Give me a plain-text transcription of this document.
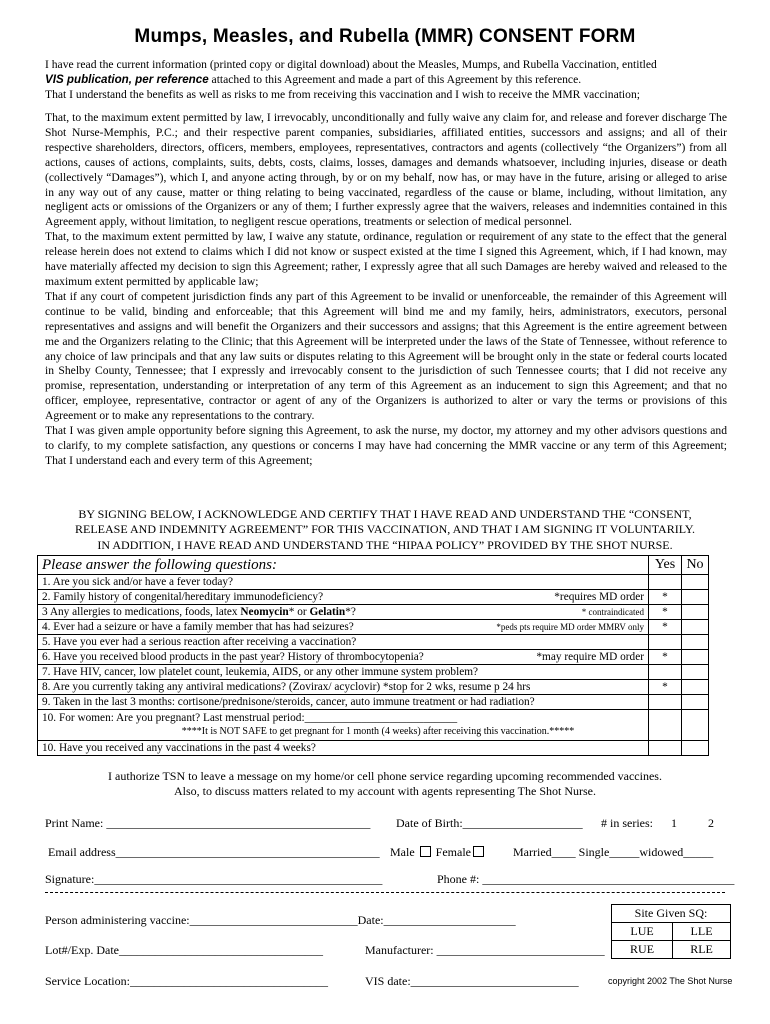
Mumps, Measles, and Rubella (MMR) CONSENT FORM

I have read the current information (printed copy or digital download) about the Measles, Mumps, and Rubella Vaccination, entitled

VIS publication, per reference attached to this Agreement and made a part of this Agreement by this reference.

That I understand the benefits as well as risks to me from receiving this vaccination and I wish to receive the MMR vaccination;

That, to the maximum extent permitted by law, I irrevocably, unconditionally and fully waive any claim for, and release and forever discharge The Shot Nurse-Memphis, P.C.; and their respective parent companies, subsidiaries, affiliated entities, successors and assigns; and all of their respective shareholders, directors, officers, members, employees, representatives, contractors and agents (collectively “the Organizers”) from all actions, causes of actions, complaints, suits, debts, costs, claims, losses, damages and demands whatsoever, including injuries, disease or death (collectively “Damages”), which I, and anyone acting through, by or on my behalf, now has, or may have in the future, arising or alleged to arise in any way out of any cause, matter or thing relating to being vaccinated, regardless of the cause or blame, including, without limitation, any negligent acts or omissions of the Organizers or any of them; I further expressly agree that the waivers, releases and indemnities contained in this Agreement apply, without limitation, to negligent rescue operations, treatments or selection of medical personnel.

That, to the maximum extent permitted by law, I waive any statute, ordinance, regulation or requirement of any state to the effect that the general release herein does not extend to claims which I did not know or suspect existed at the time I signed this Agreement, which, if I had known, may have materially affected my decision to sign this Agreement; rather, I expressly agree that all such Damages are hereby waived and released to the maximum extent permitted by applicable law;

That if any court of competent jurisdiction finds any part of this Agreement to be invalid or unenforceable, the remainder of this Agreement will continue to be valid, binding and enforceable; that this Agreement will bind me and my family, heirs, administrators, executors, personal representatives and assigns and will benefit the Organizers and their successors and assigns; that this Agreement is the entire agreement between me and the Organizers relating to the Clinic; that this Agreement will be interpreted under the laws of the State of Tennessee, without reference to any choice of law principals and that any law suits or disputes relating to this Agreement will be brought only in the state or federal courts located in Shelby County, Tennessee; that I expressly and irrevocably consent to the jurisdiction of such Tennessee courts; that I did not receive any promise, representation, understanding or interpretation of any term of this Agreement as an inducement to sign this Agreement; and that no officer, employee, representative, contractor or agent of any of the Organizers is authorized to alter or vary the terms or provisions of this Agreement or to make any representations to the contrary.

That I was given ample opportunity before signing this Agreement, to ask the nurse, my doctor, my attorney and my other advisors questions and to clarify, to my complete satisfaction, any questions or concerns I may have had concerning the MMR vaccine or any term of this Agreement; That I understand each and every term of this Agreement;

BY SIGNING BELOW, I ACKNOWLEDGE AND CERTIFY THAT I HAVE READ AND UNDERSTAND THE “CONSENT,
RELEASE AND INDEMNITY AGREEMENT” FOR THIS VACCINATION, AND THAT I AM SIGNING IT VOLUNTARILY.
IN ADDITION, I HAVE READ AND UNDERSTAND THE “HIPAA POLICY” PROVIDED BY THE SHOT NURSE.
Please answer the following questions:	Yes	No
1. Are you sick and/or have a fever today?		
2. Family history of congenital/hereditary immunodeficiency? *requires MD order	*	
3 Any allergies to medications, foods, latex Neomycin* or Gelatin*? * contraindicated	*	
4. Ever had a seizure or have a family member that has had seizures? *peds pts require MD order MMRV only	*	
5. Have you ever had a serious reaction after receiving a vaccination?		
6. Have you received blood products in the past year? History of thrombocytopenia? *may require MD order	*	
7. Have HIV, cancer, low platelet count, leukemia, AIDS, or any other immune system problem?		
8. Are you currently taking any antiviral medications? (Zovirax/ acyclovir) *stop for 2 wks, resume p 24 hrs	*	
9. Taken in the last 3 months: cortisone/prednisone/steroids, cancer, auto immune treatment or had radiation?		
10. For women: Are you pregnant? Last menstrual period:___________________________
****It is NOT SAFE to get pregnant for 1 month (4 weeks) after receiving this vaccination.*****		

10. Have you received any vaccinations in the past 4 weeks?		
I authorize TSN to leave a message on my home/or cell phone service regarding upcoming recommended vaccines.
Also, to discuss matters related to my account with agents representing The Shot Nurse.
Print Name: ____________________________________________ Date of Birth:____________________ # in series: 1	2
Email address____________________________________________ Male Female	Married____ Single_____widowed_____
Signature:________________________________________________	Phone #: __________________________________________
Person administering vaccine:____________________________Date:______________________
Lot#/Exp. Date__________________________________	Manufacturer: ____________________________
Service Location:_________________________________	VIS date:____________________________
Site Given SQ:	
LUE	LLE
RUE	RLE
copyright 2002 The Shot Nurse
